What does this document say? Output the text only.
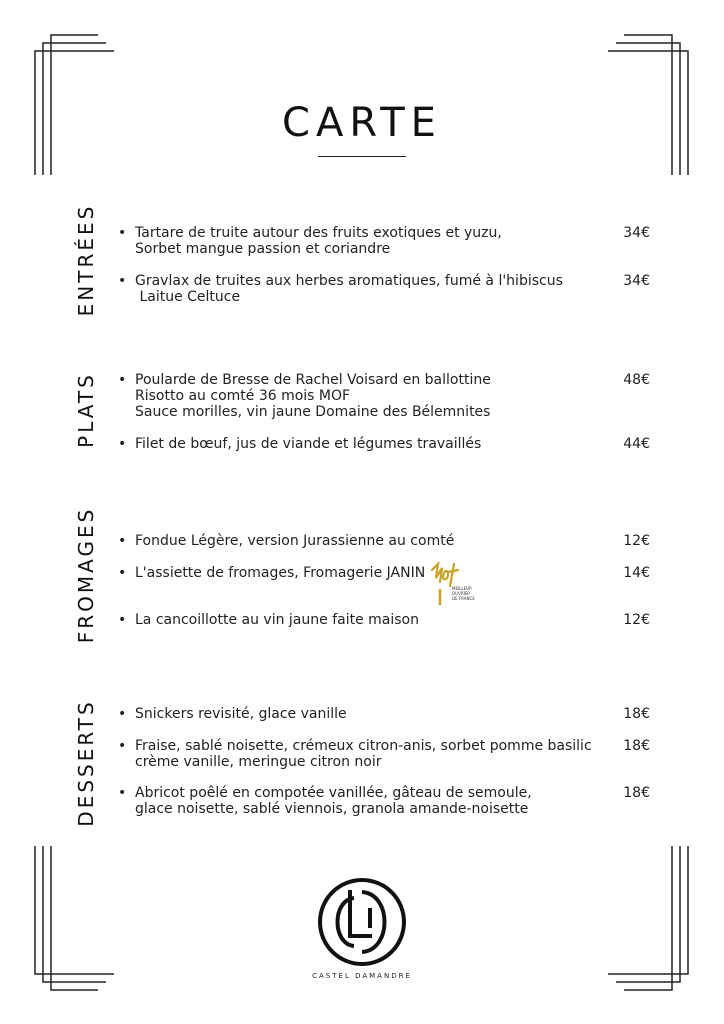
CARTE
ENTRÉES
PLATS
FROMAGES
DESSERTS
• Tartare de truite autour des fruits exotiques et yuzu,
Sorbet mangue passion et coriandre
34€
• Gravlax de truites aux herbes aromatiques, fumé à l'hibiscus
Laitue Celtuce
34€
• Poularde de Bresse de Rachel Voisard en ballottine
Risotto au comté 36 mois MOF
Sauce morilles, vin jaune Domaine des Bélemnites
48€
• Filet de bœuf, jus de viande et légumes travaillés	44€
• Fondue Légère, version Jurassienne au comté	12€
• L'assiette de fromages, Fromagerie JANIN	14€
• La cancoillotte au vin jaune faite maison	12€
MEILLEUR
OUVRIER
DE FRANCE
• Snickers revisité, glace vanille	18€
• Fraise, sablé noisette, crémeux citron-anis, sorbet pomme basilic
crème vanille, meringue citron noir
18€
• Abricot poêlé en compotée vanillée, gâteau de semoule,
glace noisette, sablé viennois, granola amande-noisette
18€
CASTEL DAMANDRE
